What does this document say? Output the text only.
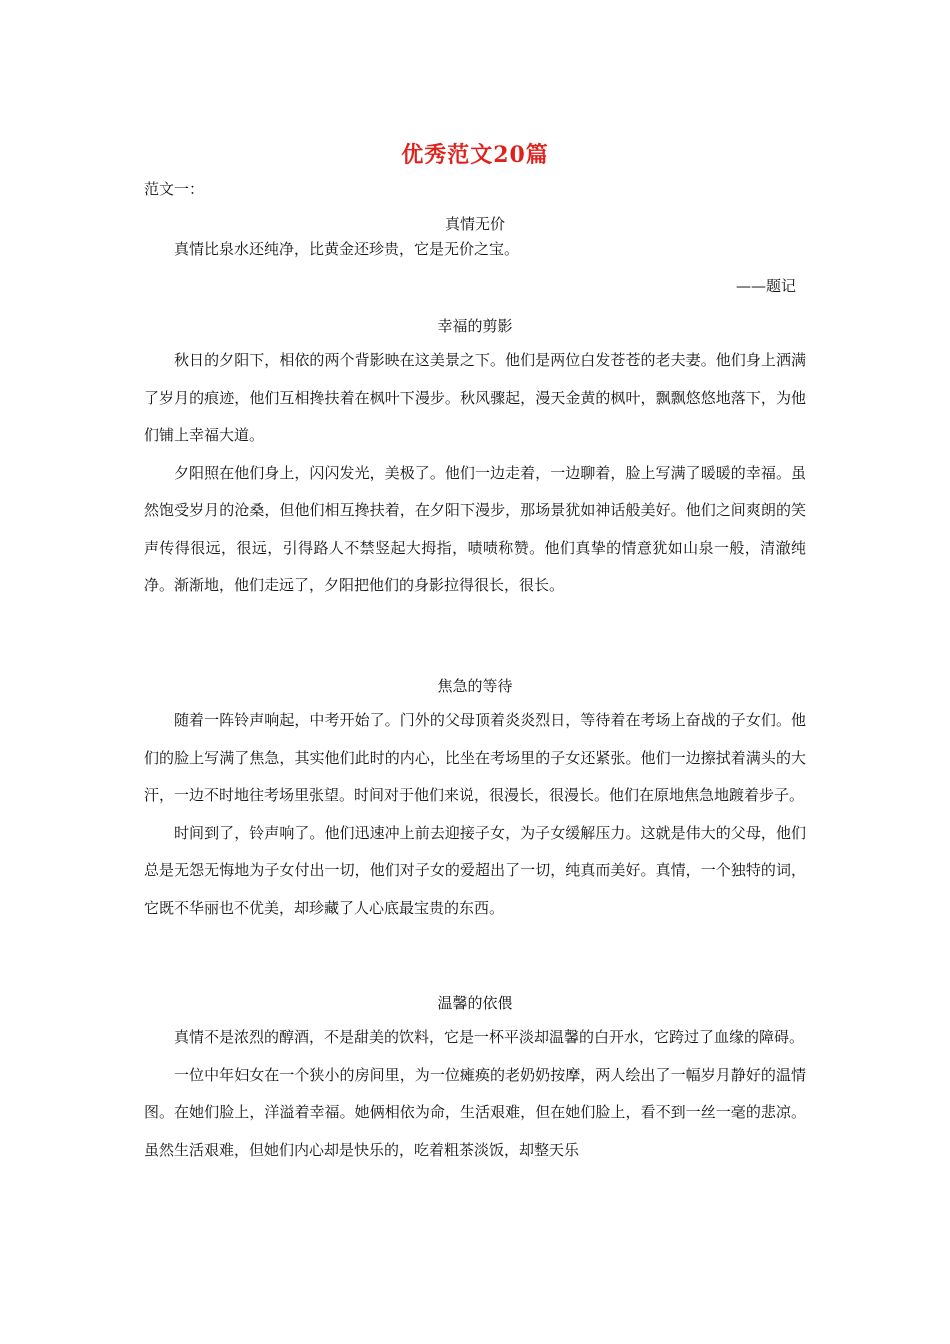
优秀范文20篇
范文一：
真情无价
真情比泉水还纯净，比黄金还珍贵，它是无价之宝。
——题记
幸福的剪影

秋日的夕阳下，相依的两个背影映在这美景之下。他们是两位白发苍苍的老夫妻。他们身上洒满了岁月的痕迹，他们互相搀扶着在枫叶下漫步。秋风骤起，漫天金黄的枫叶，飘飘悠悠地落下，为他们铺上幸福大道。

夕阳照在他们身上，闪闪发光，美极了。他们一边走着，一边聊着，脸上写满了暖暖的幸福。虽然饱受岁月的沧桑，但他们相互搀扶着，在夕阳下漫步，那场景犹如神话般美好。他们之间爽朗的笑声传得很远，很远，引得路人不禁竖起大拇指，啧啧称赞。他们真挚的情意犹如山泉一般，清澈纯净。渐渐地，他们走远了，夕阳把他们的身影拉得很长，很长。

焦急的等待

随着一阵铃声响起，中考开始了。门外的父母顶着炎炎烈日，等待着在考场上奋战的子女们。他们的脸上写满了焦急，其实他们此时的内心，比坐在考场里的子女还紧张。他们一边擦拭着满头的大汗，一边不时地往考场里张望。时间对于他们来说，很漫长，很漫长。他们在原地焦急地踱着步子。

时间到了，铃声响了。他们迅速冲上前去迎接子女，为子女缓解压力。这就是伟大的父母，他们总是无怨无悔地为子女付出一切，他们对子女的爱超出了一切，纯真而美好。真情，一个独特的词，它既不华丽也不优美，却珍藏了人心底最宝贵的东西。

温馨的依偎

真情不是浓烈的醇酒，不是甜美的饮料，它是一杯平淡却温馨的白开水，它跨过了血缘的障碍。

一位中年妇女在一个狭小的房间里，为一位瘫痪的老奶奶按摩，两人绘出了一幅岁月静好的温情图。在她们脸上，洋溢着幸福。她俩相依为命，生活艰难，但在她们脸上，看不到一丝一毫的悲凉。虽然生活艰难，但她们内心却是快乐的，吃着粗茶淡饭，却整天乐
